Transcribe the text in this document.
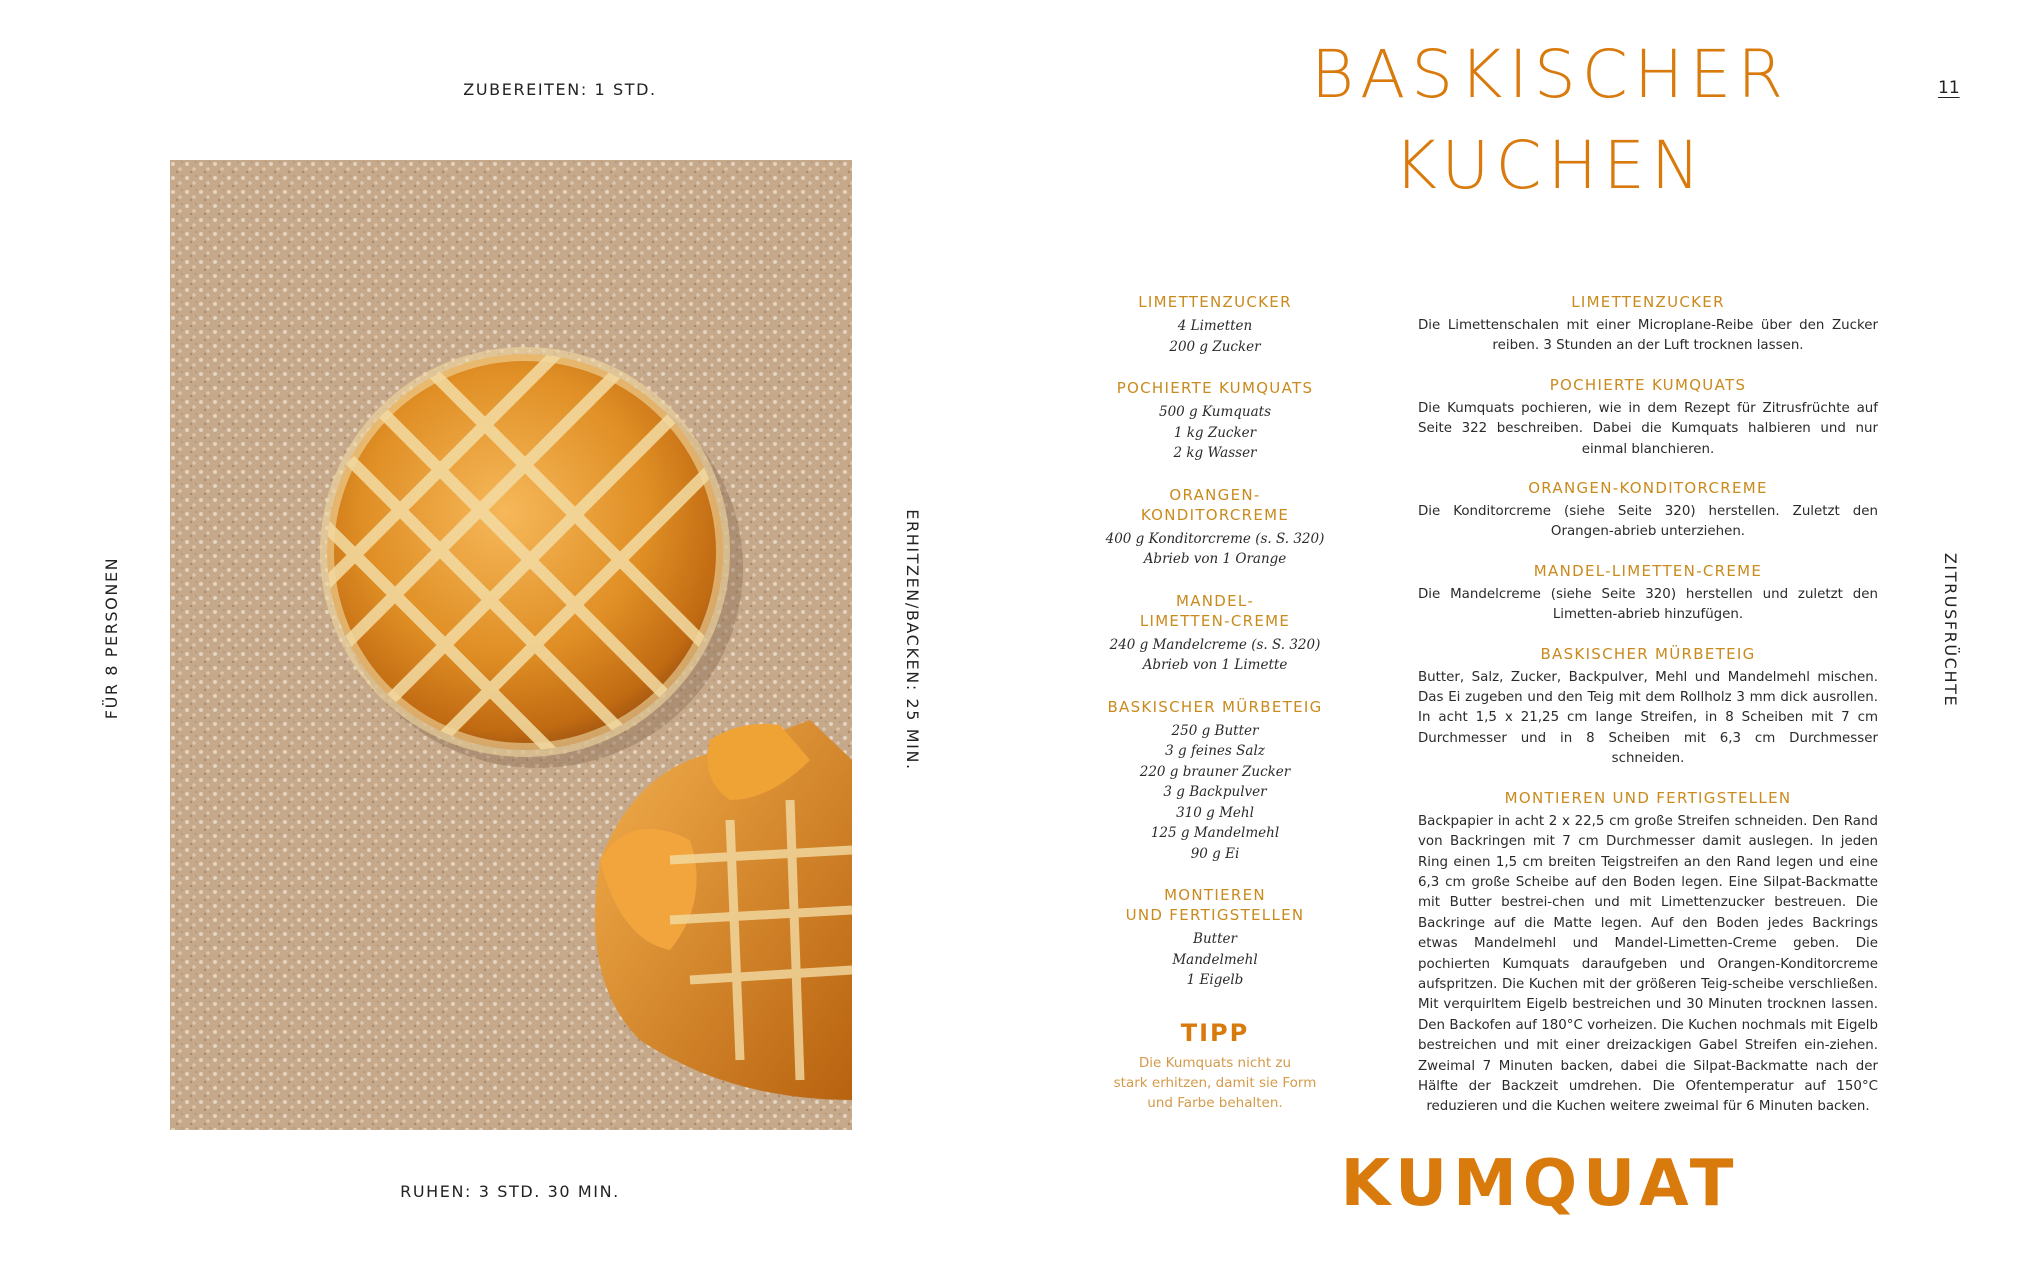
ZUBEREITEN: 1 STD.
RUHEN: 3 STD. 30 MIN.
FÜR 8 PERSONEN	ERHITZEN/BACKEN: 25 MIN.
BASKISCHER
KUCHEN
11
ZITRUSFRÜCHTE
LIMETTENZUCKER
4 Limetten
200 g Zucker
POCHIERTE KUMQUATS
500 g Kumquats
1 kg Zucker
2 kg Wasser
ORANGEN-
KONDITORCREME
400 g Konditorcreme (s. S. 320)
Abrieb von 1 Orange
MANDEL-
LIMETTEN-CREME
240 g Mandelcreme (s. S. 320)
Abrieb von 1 Limette
BASKISCHER MÜRBETEIG
250 g Butter
3 g feines Salz
220 g brauner Zucker
3 g Backpulver
310 g Mehl
125 g Mandelmehl
90 g Ei
MONTIEREN
UND FERTIGSTELLEN
Butter
Mandelmehl
1 Eigelb
TIPP
Die Kumquats nicht zu
stark erhitzen, damit sie Form
und Farbe behalten.
LIMETTENZUCKER
Die Limettenschalen mit einer Microplane-Reibe über den Zucker reiben. 3 Stunden an der Luft trocknen lassen.
POCHIERTE KUMQUATS
Die Kumquats pochieren, wie in dem Rezept für Zitrusfrüchte auf Seite 322 beschreiben. Dabei die Kumquats halbieren und nur einmal blanchieren.
ORANGEN-KONDITORCREME
Die Konditorcreme (siehe Seite 320) herstellen. Zuletzt den Orangen-abrieb unterziehen.
MANDEL-LIMETTEN-CREME
Die Mandelcreme (siehe Seite 320) herstellen und zuletzt den Limetten-abrieb hinzufügen.
BASKISCHER MÜRBETEIG
Butter, Salz, Zucker, Backpulver, Mehl und Mandelmehl mischen. Das Ei zugeben und den Teig mit dem Rollholz 3 mm dick ausrollen. In acht 1,5 x 21,25 cm lange Streifen, in 8 Scheiben mit 7 cm Durchmesser und in 8 Scheiben mit 6,3 cm Durchmesser schneiden.
MONTIEREN UND FERTIGSTELLEN
Backpapier in acht 2 x 22,5 cm große Streifen schneiden. Den Rand von Backringen mit 7 cm Durchmesser damit auslegen. In jeden Ring einen 1,5 cm breiten Teigstreifen an den Rand legen und eine 6,3 cm große Scheibe auf den Boden legen. Eine Silpat-Backmatte mit Butter bestrei-chen und mit Limettenzucker bestreuen. Die Backringe auf die Matte legen. Auf den Boden jedes Backrings etwas Mandelmehl und Mandel-Limetten-Creme geben. Die pochierten Kumquats daraufgeben und Orangen-Konditorcreme aufspritzen. Die Kuchen mit der größeren Teig-scheibe verschließen. Mit verquirltem Eigelb bestreichen und 30 Minuten trocknen lassen. Den Backofen auf 180°C vorheizen. Die Kuchen nochmals mit Eigelb bestreichen und mit einer dreizackigen Gabel Streifen ein-ziehen. Zweimal 7 Minuten backen, dabei die Silpat-Backmatte nach der Hälfte der Backzeit umdrehen. Die Ofentemperatur auf 150°C reduzieren und die Kuchen weitere zweimal für 6 Minuten backen.
KUMQUAT
